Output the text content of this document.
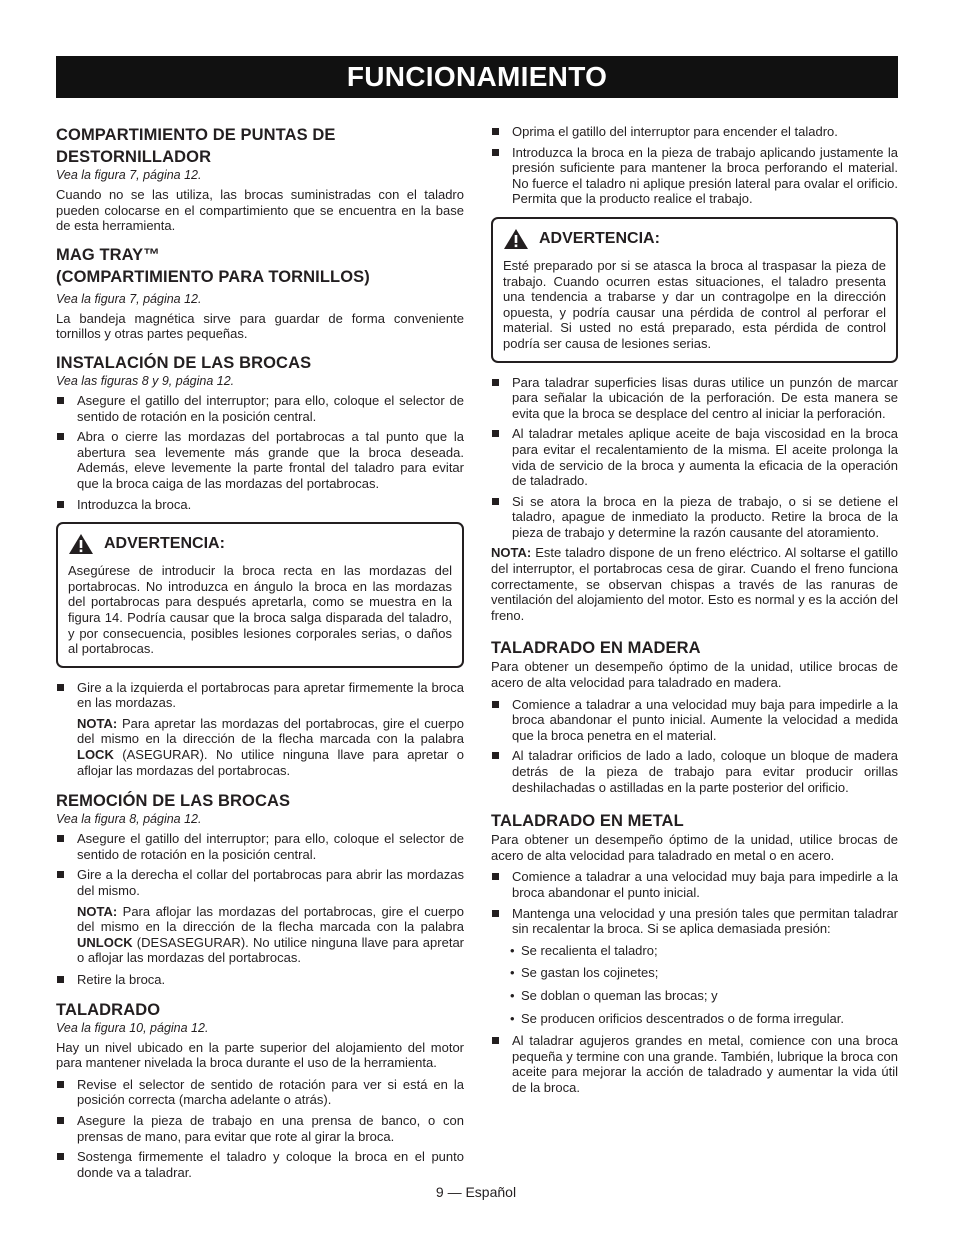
FUNCIONAMIENTO
COMPARTIMIENTO DE PUNTAS DE DESTORNILLADOR
Vea la figura 7, página 12.

Cuando no se las utiliza, las brocas suministradas con el taladro pueden colocarse en el compartimiento que se encuentra en la base de esta herramienta.

MAG TRAY™
(COMPARTIMIENTO PARA TORNILLOS)
Vea la figura 7, página 12.

La bandeja magnética sirve para guardar de forma conveniente tornillos y otras partes pequeñas.

INSTALACIÓN DE LAS BROCAS
Vea las figuras 8 y 9, página 12.
Asegure el gatillo del interruptor; para ello, coloque el selector de sentido de rotación en la posición central.
Abra o cierre las mordazas del portabrocas a tal punto que la abertura sea levemente más grande que la broca deseada. Además, eleve levemente la parte frontal del taladro para evitar que la broca caiga de las mordazas del portabrocas.
Introduzca la broca.
ADVERTENCIA:

Asegúrese de introducir la broca recta en las mordazas del portabrocas. No introduzca en ángulo la broca en las mordazas del portabrocas para después apretarla, como se muestra en la figura 14. Podría causar que la broca salga disparada del taladro, y por consecuencia, posibles lesiones corporales serias, o daños al portabrocas.

Gire a la izquierda el portabrocas para apretar firmemente la broca en las mordazas.
NOTA: Para apretar las mordazas del portabrocas, gire el cuerpo del mismo en la dirección de la flecha marcada con la palabra LOCK (ASEGURAR). No utilice ninguna llave para apretar o aflojar las mordazas del portabrocas.
REMOCIÓN DE LAS BROCAS
Vea la figura 8, página 12.
Asegure el gatillo del interruptor; para ello, coloque el selector de sentido de rotación en la posición central.
Gire a la derecha el collar del portabrocas para abrir las mordazas del mismo.
NOTA: Para aflojar las mordazas del portabrocas, gire el cuerpo del mismo en la dirección de la flecha marcada con la palabra UNLOCK (DESASEGURAR). No utilice ninguna llave para apretar o aflojar las mordazas del portabrocas.
Retire la broca.
TALADRADO
Vea la figura 10, página 12.

Hay un nivel ubicado en la parte superior del alojamiento del motor para mantener nivelada la broca durante el uso de la herramienta.

Revise el selector de sentido de rotación para ver si está en la posición correcta (marcha adelante o atrás).
Asegure la pieza de trabajo en una prensa de banco, o con prensas de mano, para evitar que rote al girar la broca.
Sostenga firmemente el taladro y coloque la broca en el punto donde va a taladrar.
Oprima el gatillo del interruptor para encender el taladro.
Introduzca la broca en la pieza de trabajo aplicando justamente la presión suficiente para mantener la broca perforando el material. No fuerce el taladro ni aplique presión lateral para ovalar el orificio. Permita que la producto realice el trabajo.
ADVERTENCIA:

Esté preparado por si se atasca la broca al traspasar la pieza de trabajo. Cuando ocurren estas situaciones, el taladro presenta una tendencia a trabarse y dar un contragolpe en la dirección opuesta, y podría causar una pérdida de control al perforar el material. Si usted no está preparado, esta pérdida de control podría ser causa de lesiones serias.

Para taladrar superficies lisas duras utilice un punzón de marcar para señalar la ubicación de la perforación. De esta manera se evita que la broca se desplace del centro al iniciar la perforación.
Al taladrar metales aplique aceite de baja viscosidad en la broca para evitar el recalentamiento de la misma. El aceite prolonga la vida de servicio de la broca y aumenta la eficacia de la operación de taladrado.
Si se atora la broca en la pieza de trabajo, o si se detiene el taladro, apague de inmediato la producto. Retire la broca de la pieza de trabajo y determine la razón causante del atoramiento.

NOTA: Este taladro dispone de un freno eléctrico. Al soltarse el gatillo del interruptor, el portabrocas cesa de girar. Cuando el freno funciona correctamente, se observan chispas a través de las ranuras de ventilación del alojamiento del motor. Esto es normal y es la acción del freno.

TALADRADO EN MADERA

Para obtener un desempeño óptimo de la unidad, utilice brocas de acero de alta velocidad para taladrado en madera.

Comience a taladrar a una velocidad muy baja para impedirle a la broca abandonar el punto inicial. Aumente la velocidad a medida que la broca penetra en el material.
Al taladrar orificios de lado a lado, coloque un bloque de madera detrás de la pieza de trabajo para evitar producir orillas deshilachadas o astilladas en la parte posterior del orificio.
TALADRADO EN METAL

Para obtener un desempeño óptimo de la unidad, utilice brocas de acero de alta velocidad para taladrado en metal o en acero.

Comience a taladrar a una velocidad muy baja para impedirle a la broca abandonar el punto inicial.
Mantenga una velocidad y una presión tales que permitan taladrar sin recalentar la broca. Si se aplica demasiada presión:
• Se recalienta el taladro;
• Se gastan los cojinetes;
• Se doblan o queman las brocas; y
• Se producen orificios descentrados o de forma irregular.
Al taladrar agujeros grandes en metal, comience con una broca pequeña y termine con una grande. También, lubrique la broca con aceite para mejorar la acción de taladrado y aumentar la vida útil de la broca.
9 — Español
